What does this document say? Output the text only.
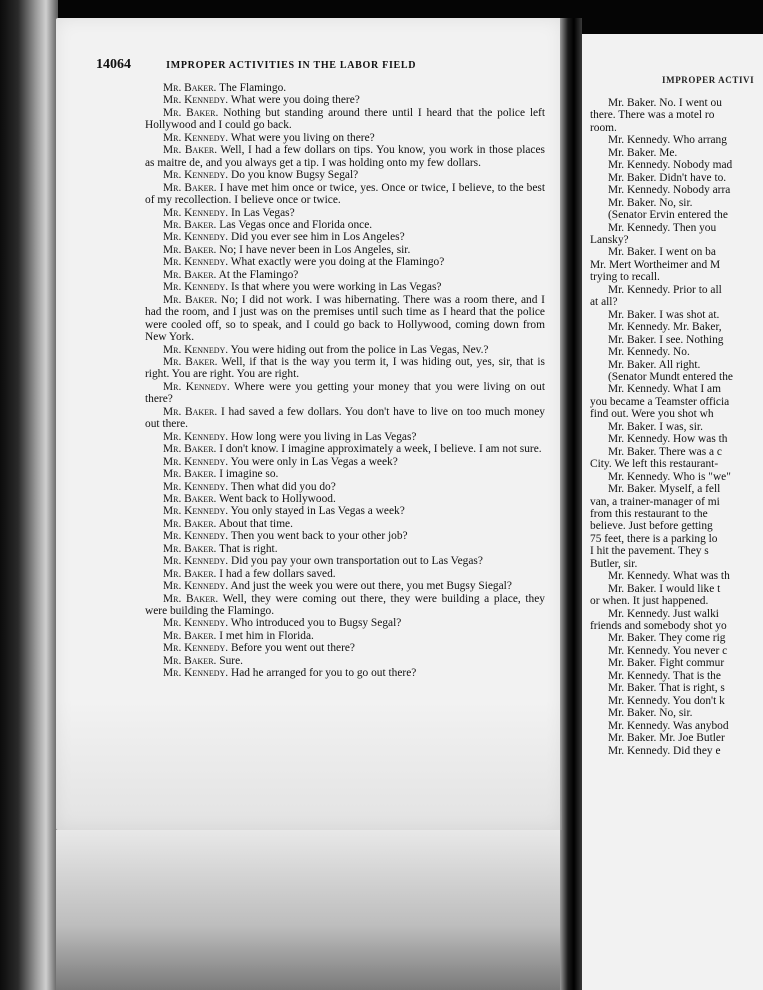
14064	IMPROPER ACTIVITIES IN THE LABOR FIELD

Mr. Baker. The Flamingo.

Mr. Kennedy. What were you doing there?

Mr. Baker. Nothing but standing around there until I heard that the police left Hollywood and I could go back.

Mr. Kennedy. What were you living on there?

Mr. Baker. Well, I had a few dollars on tips. You know, you work in those places as maitre de, and you always get a tip. I was holding onto my few dollars.

Mr. Kennedy. Do you know Bugsy Segal?

Mr. Baker. I have met him once or twice, yes. Once or twice, I believe, to the best of my recollection. I believe once or twice.

Mr. Kennedy. In Las Vegas?

Mr. Baker. Las Vegas once and Florida once.

Mr. Kennedy. Did you ever see him in Los Angeles?

Mr. Baker. No; I have never been in Los Angeles, sir.

Mr. Kennedy. What exactly were you doing at the Flamingo?

Mr. Baker. At the Flamingo?

Mr. Kennedy. Is that where you were working in Las Vegas?

Mr. Baker. No; I did not work. I was hibernating. There was a room there, and I had the room, and I just was on the premises until such time as I heard that the police were cooled off, so to speak, and I could go back to Hollywood, coming down from New York.

Mr. Kennedy. You were hiding out from the police in Las Vegas, Nev.?

Mr. Baker. Well, if that is the way you term it, I was hiding out, yes, sir, that is right. You are right. You are right.

Mr. Kennedy. Where were you getting your money that you were living on out there?

Mr. Baker. I had saved a few dollars. You don't have to live on too much money out there.

Mr. Kennedy. How long were you living in Las Vegas?

Mr. Baker. I don't know. I imagine approximately a week, I believe. I am not sure.

Mr. Kennedy. You were only in Las Vegas a week?

Mr. Baker. I imagine so.

Mr. Kennedy. Then what did you do?

Mr. Baker. Went back to Hollywood.

Mr. Kennedy. You only stayed in Las Vegas a week?

Mr. Baker. About that time.

Mr. Kennedy. Then you went back to your other job?

Mr. Baker. That is right.

Mr. Kennedy. Did you pay your own transportation out to Las Vegas?

Mr. Baker. I had a few dollars saved.

Mr. Kennedy. And just the week you were out there, you met Bugsy Siegal?

Mr. Baker. Well, they were coming out there, they were building a place, they were building the Flamingo.

Mr. Kennedy. Who introduced you to Bugsy Segal?

Mr. Baker. I met him in Florida.

Mr. Kennedy. Before you went out there?

Mr. Baker. Sure.

Mr. Kennedy. Had he arranged for you to go out there?

IMPROPER ACTIVI

Mr. Baker. No. I went ou

there. There was a motel ro

room.

Mr. Kennedy. Who arrang

Mr. Baker. Me.

Mr. Kennedy. Nobody mad

Mr. Baker. Didn't have to.

Mr. Kennedy. Nobody arra

Mr. Baker. No, sir.

(Senator Ervin entered the

Mr. Kennedy. Then you

Lansky?

Mr. Baker. I went on ba

Mr. Mert Wortheimer and M

trying to recall.

Mr. Kennedy. Prior to all

at all?

Mr. Baker. I was shot at.

Mr. Kennedy. Mr. Baker,

Mr. Baker. I see. Nothing

Mr. Kennedy. No.

Mr. Baker. All right.

(Senator Mundt entered the

Mr. Kennedy. What I am

you became a Teamster officia

find out. Were you shot wh

Mr. Baker. I was, sir.

Mr. Kennedy. How was th

Mr. Baker. There was a c

City. We left this restaurant-

Mr. Kennedy. Who is "we"

Mr. Baker. Myself, a fell

van, a trainer-manager of mi

from this restaurant to the

believe. Just before getting

75 feet, there is a parking lo

I hit the pavement. They s

Butler, sir.

Mr. Kennedy. What was th

Mr. Baker. I would like t

or when. It just happened.

Mr. Kennedy. Just walki

friends and somebody shot yo

Mr. Baker. They come rig

Mr. Kennedy. You never c

Mr. Baker. Fight commur

Mr. Kennedy. That is the

Mr. Baker. That is right, s

Mr. Kennedy. You don't k

Mr. Baker. No, sir.

Mr. Kennedy. Was anybod

Mr. Baker. Mr. Joe Butler

Mr. Kennedy. Did they e
